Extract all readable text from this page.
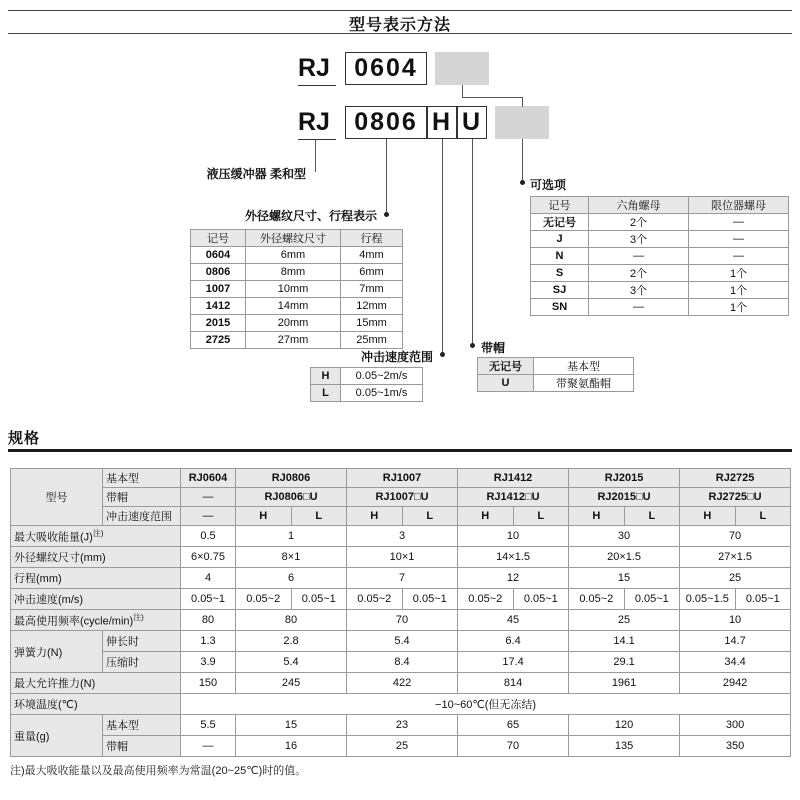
型号表示方法
RJ 0604
RJ 0806 H U
液压缓冲器 柔和型
外径螺纹尺寸、行程表示
冲击速度范围
带帽
可选项
记号	外径螺纹尺寸	行程
0604	6mm	4mm
0806	8mm	6mm
1007	10mm	7mm
1412	14mm	12mm
2015	20mm	15mm
2725	27mm	25mm
记号	六角螺母	限位器螺母
无记号	2个	—
J	3个	—
N	—	—
S	2个	1个
SJ	3个	1个
SN	—	1个
H	0.05~2m/s
L	0.05~1m/s
无记号	基本型
U	带聚氨酯帽
规格
型号	基本型	RJ0604	RJ0806		RJ1007		RJ1412		RJ2015		RJ2725	
	带帽	—	RJ0806□U		RJ1007□U		RJ1412□U		RJ2015□U		RJ2725□U	
	冲击速度范围	—	H	L	H	L	H	L	H	L	H	L
最大吸收能量$(J)^{注)}$		0.5	1		3		10		30		70	
外径螺纹尺寸(mm)		6×0.75	8×1		10×1		14×1.5		20×1.5		27×1.5	
行程(mm)		4	6		7		12		15		25	
冲击速度(m/s)		0.05~1	0.05~2	0.05~1	0.05~2	0.05~1	0.05~2	0.05~1	0.05~2	0.05~1	0.05~1.5	0.05~1
最高使用频率(cycle/min)$^{注)}$		80	80		70		45		25		10	
弹簧力(N)	伸长时	1.3	2.8		5.4		6.4		14.1		14.7	
	压缩时	3.9	5.4		8.4		17.4		29.1		34.4	
最大允许推力(N)		150	245		422		814		1961		2942	
环境温度(℃)		−10~60℃(但无冻结)										
重量(g)	基本型	5.5	15		23		65		120		300	
	带帽	—	16		25		70		135		350	
注)最大吸收能量以及最高使用频率为常温(20~25℃)时的值。
